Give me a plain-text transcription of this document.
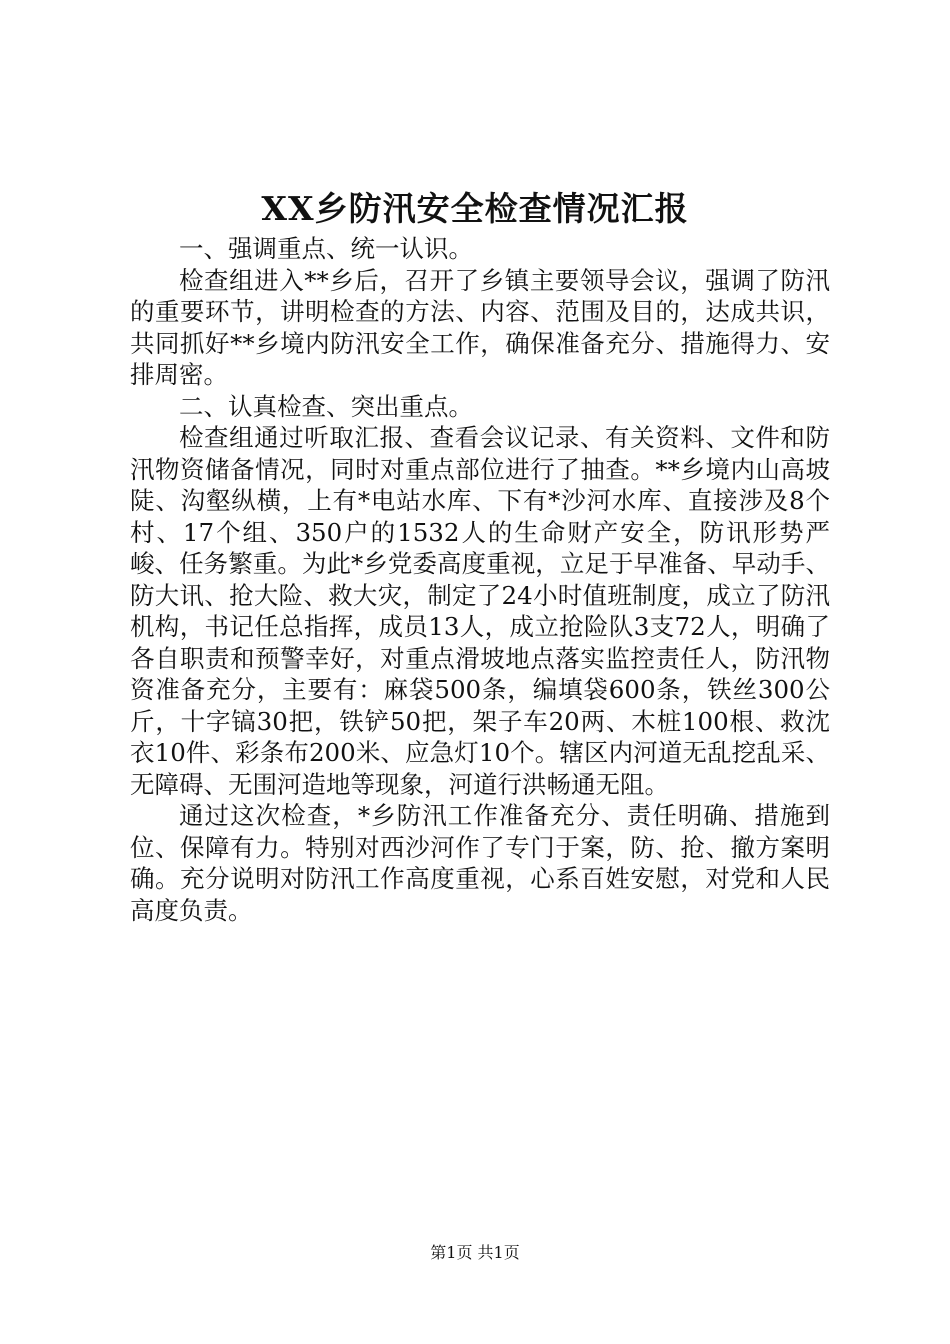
XX乡防汛安全检查情况汇报

一、强调重点、统一认识。

检查组进入**乡后，召开了乡镇主要领导会议，强调了防汛的重要环节，讲明检查的方法、内容、范围及目的，达成共识，共同抓好**乡境内防汛安全工作，确保准备充分、措施得力、安排周密。

二、认真检查、突出重点。

检查组通过听取汇报、查看会议记录、有关资料、文件和防汛物资储备情况，同时对重点部位进行了抽查。**乡境内山高坡陡、沟壑纵横，上有*电站水库、下有*沙河水库、直接涉及8个村、17个组、350户的1532人的生命财产安全，防讯形势严峻、任务繁重。为此*乡党委高度重视，立足于早准备、早动手、防大讯、抢大险、救大灾，制定了24小时值班制度，成立了防汛机构，书记任总指挥，成员13人，成立抢险队3支72人，明确了各自职责和预警幸好，对重点滑坡地点落实监控责任人，防汛物资准备充分，主要有：麻袋500条，编填袋600条，铁丝300公斤，十字镐30把，铁铲50把，架子车20两、木桩100根、救沈衣10件、彩条布200米、应急灯10个。辖区内河道无乱挖乱采、无障碍、无围河造地等现象，河道行洪畅通无阻。

通过这次检查，*乡防汛工作准备充分、责任明确、措施到位、保障有力。特别对西沙河作了专门于案，防、抢、撤方案明确。充分说明对防汛工作高度重视，心系百姓安慰，对党和人民高度负责。

第1页 共1页
